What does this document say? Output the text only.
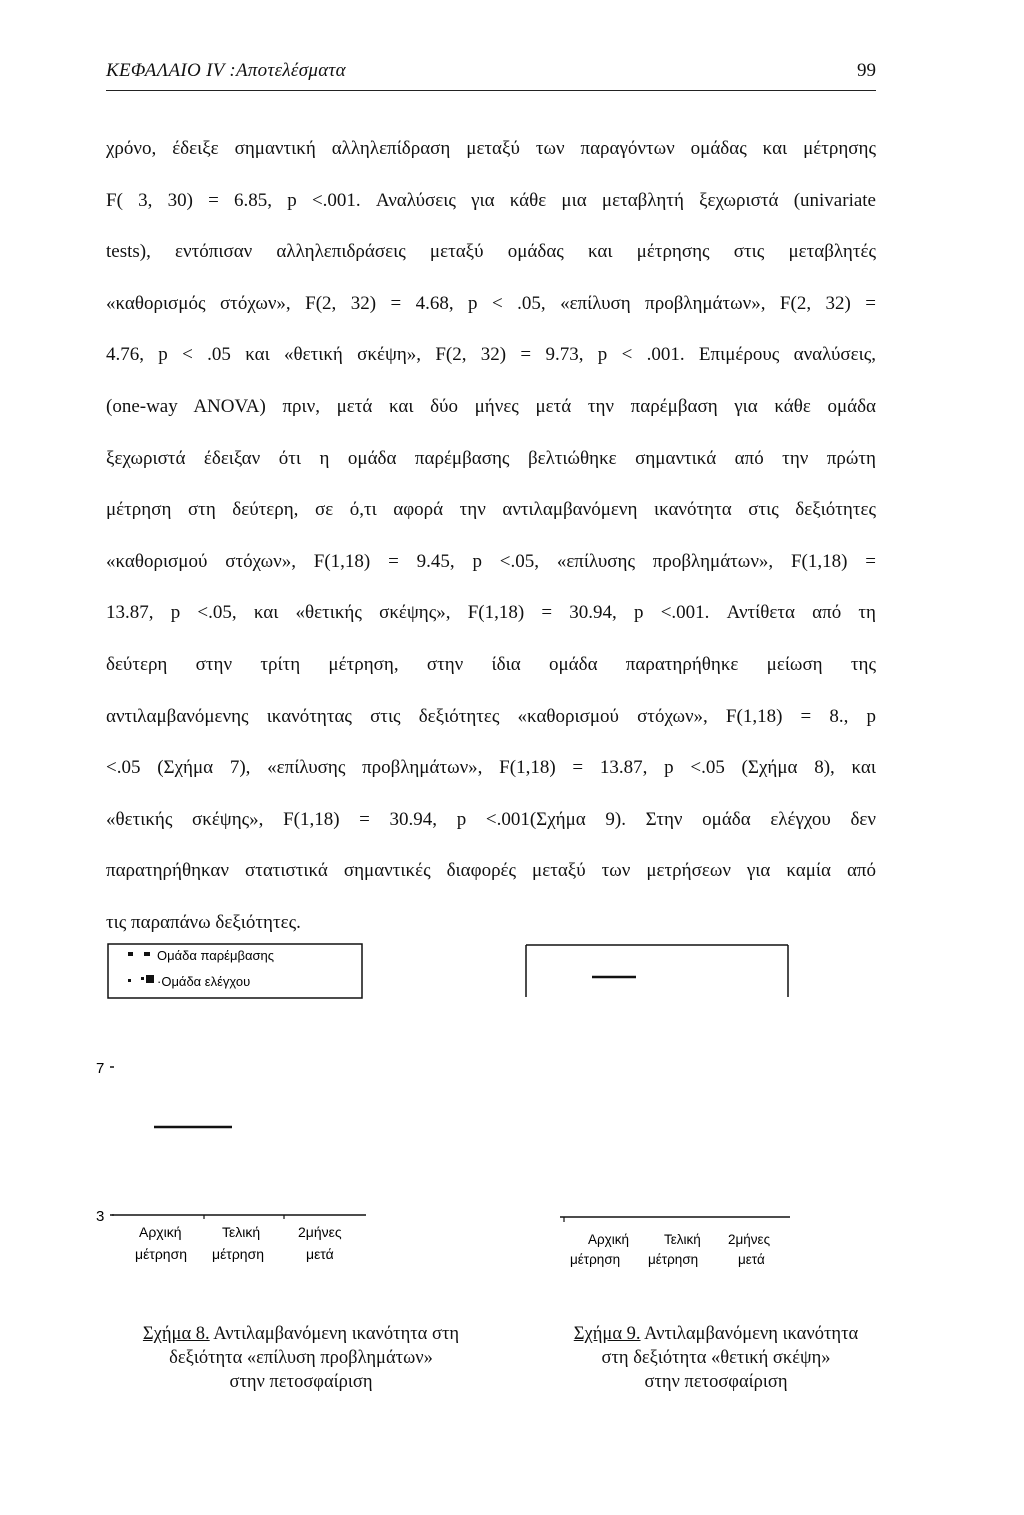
ΚΕΦΑΛΑΙΟ IV :Αποτελέσματα	99
χρόνο, έδειξε σημαντική αλληλεπίδραση μεταξύ των παραγόντων ομάδας και μέτρησης
F( 3, 30) = 6.85, p <.001. Αναλύσεις για κάθε μια μεταβλητή ξεχωριστά (univariate
tests), εντόπισαν αλληλεπιδράσεις μεταξύ ομάδας και μέτρησης στις μεταβλητές
«καθορισμός στόχων», F(2, 32) = 4.68, p < .05, «επίλυση προβλημάτων», F(2, 32) =
4.76, p < .05 και «θετική σκέψη», F(2, 32) = 9.73, p < .001. Επιμέρους αναλύσεις,
(one-way ANOVA) πριν, μετά και δύο μήνες μετά την παρέμβαση για κάθε ομάδα
ξεχωριστά έδειξαν ότι η ομάδα παρέμβασης βελτιώθηκε σημαντικά από την πρώτη
μέτρηση στη δεύτερη, σε ό,τι αφορά την αντιλαμβανόμενη ικανότητα στις δεξιότητες
«καθορισμού στόχων», F(1,18) = 9.45, p <.05, «επίλυσης προβλημάτων», F(1,18) =
13.87, p <.05, και «θετικής σκέψης», F(1,18) = 30.94, p <.001. Αντίθετα από τη
δεύτερη στην τρίτη μέτρηση, στην ίδια ομάδα παρατηρήθηκε μείωση της
αντιλαμβανόμενης ικανότητας στις δεξιότητες «καθορισμού στόχων», F(1,18) = 8., p
<.05 (Σχήμα 7), «επίλυσης προβλημάτων», F(1,18) = 13.87, p <.05 (Σχήμα 8), και
«θετικής σκέψης», F(1,18) = 30.94, p <.001(Σχήμα 9). Στην ομάδα ελέγχου δεν
παρατηρήθηκαν στατιστικά σημαντικές διαφορές μεταξύ των μετρήσεων για καμία από
τις παραπάνω δεξιότητες.
Ομάδα παρέμβασης
·Ομάδα ελέγχου
7
3
Αρχική
μέτρηση
Τελική
μέτρηση
2μήνες
μετά
Αρχική
μέτρηση
Τελική
μέτρηση
2μήνες
μετά
Σχήμα 8. Αντιλαμβανόμενη ικανότητα στη
δεξιότητα «επίλυση προβλημάτων»
στην πετοσφαίριση
Σχήμα 9. Αντιλαμβανόμενη ικανότητα
στη δεξιότητα «θετική σκέψη»
στην πετοσφαίριση
